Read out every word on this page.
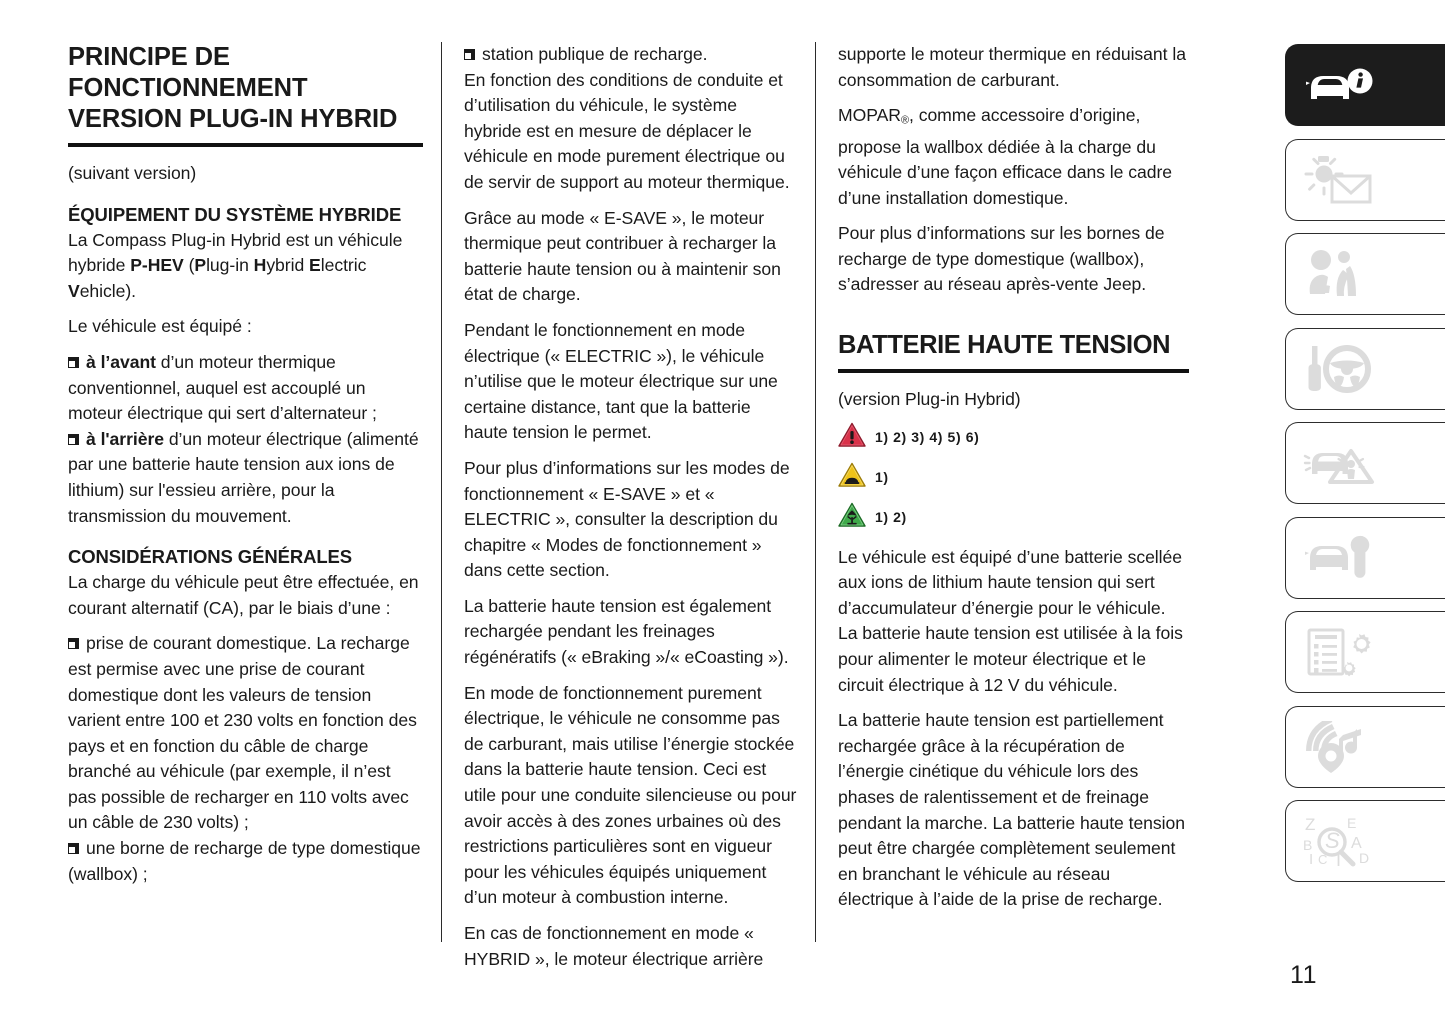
PRINCIPE DE FONCTIONNEMENT VERSION PLUG-IN HYBRID

(suivant version)

ÉQUIPEMENT DU SYSTÈME HYBRIDE

La Compass Plug-in Hybrid est un véhicule hybride P-HEV (Plug-in Hybrid Electric Vehicle).

Le véhicule est équipé :

à l’avant d’un moteur thermique conventionnel, auquel est accouplé un moteur électrique qui sert d’alternateur ;

à l'arrière d’un moteur électrique (alimenté par une batterie haute tension aux ions de lithium) sur l'essieu arrière, pour la transmission du mouvement.

CONSIDÉRATIONS GÉNÉRALES

La charge du véhicule peut être effectuée, en courant alternatif (CA), par le biais d’une :

prise de courant domestique. La recharge est permise avec une prise de courant domestique dont les valeurs de tension varient entre 100 et 230 volts en fonction des pays et en fonction du câble de charge branché au véhicule (par exemple, il n’est pas possible de recharger en 110 volts avec un câble de 230 volts) ;

une borne de recharge de type domestique (wallbox) ;

station publique de recharge.

En fonction des conditions de conduite et d’utilisation du véhicule, le système hybride est en mesure de déplacer le véhicule en mode purement électrique ou de servir de support au moteur thermique.

Grâce au mode « E-SAVE », le moteur thermique peut contribuer à recharger la batterie haute tension ou à maintenir son état de charge.

Pendant le fonctionnement en mode électrique (« ELECTRIC »), le véhicule n’utilise que le moteur électrique sur une certaine distance, tant que la batterie haute tension le permet.

Pour plus d’informations sur les modes de fonctionnement « E-SAVE » et « ELECTRIC », consulter la description du chapitre « Modes de fonctionnement » dans cette section.

La batterie haute tension est également rechargée pendant les freinages régénératifs (« eBraking »/« eCoasting »).

En mode de fonctionnement purement électrique, le véhicule ne consomme pas de carburant, mais utilise l’énergie stockée dans la batterie haute tension. Ceci est utile pour une conduite silencieuse ou pour avoir accès à des zones urbaines où des restrictions particulières sont en vigueur pour les véhicules équipés uniquement d’un moteur à combustion interne.

En cas de fonctionnement en mode « HYBRID », le moteur électrique arrière

supporte le moteur thermique en réduisant la consommation de carburant.

$MOPAR_®$, comme accessoire d’origine, propose la wallbox dédiée à la charge du véhicule d’une façon efficace dans le cadre d’une installation domestique.

Pour plus d’informations sur les bornes de recharge de type domestique (wallbox), s’adresser au réseau après-vente Jeep.

BATTERIE HAUTE TENSION

(version Plug-in Hybrid)

1) 2) 3) 4) 5) 6)
1)
1) 2)

Le véhicule est équipé d’une batterie scellée aux ions de lithium haute tension qui sert d’accumulateur d’énergie pour le véhicule. La batterie haute tension est utilisée à la fois pour alimenter le moteur électrique et le circuit électrique à 12 V du véhicule.

La batterie haute tension est partiellement rechargée grâce à la récupération de l’énergie cinétique du véhicule lors des phases de ralentissement et de freinage pendant la marche. La batterie haute tension peut être chargée complètement seulement en branchant le véhicule au réseau électrique à l’aide de la prise de recharge.

Z
B
I C T
E
A
D
S
11
